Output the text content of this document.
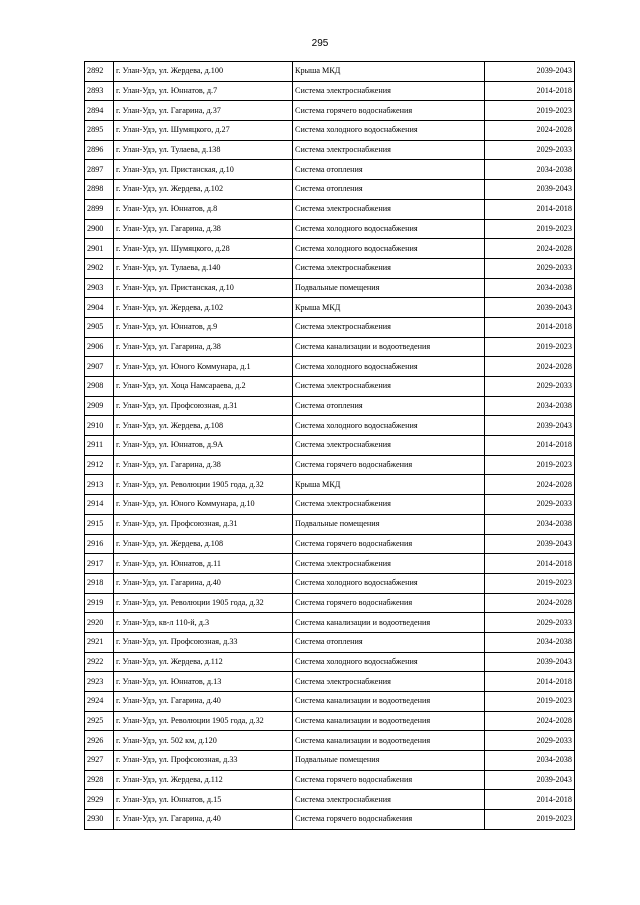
295
2892	г. Улан-Удэ, ул. Жердева, д.100	Крыша МКД	2039-2043
2893	г. Улан-Удэ, ул. Юннатов, д.7	Система электроснабжения	2014-2018
2894	г. Улан-Удэ, ул. Гагарина, д.37	Система горячего водоснабжения	2019-2023
2895	г. Улан-Удэ, ул. Шумяцкого, д.27	Система холодного водоснабжения	2024-2028
2896	г. Улан-Удэ, ул. Тулаева, д.138	Система электроснабжения	2029-2033
2897	г. Улан-Удэ, ул. Пристанская, д.10	Система отопления	2034-2038
2898	г. Улан-Удэ, ул. Жердева, д.102	Система отопления	2039-2043
2899	г. Улан-Удэ, ул. Юннатов, д.8	Система электроснабжения	2014-2018
2900	г. Улан-Удэ, ул. Гагарина, д.38	Система холодного водоснабжения	2019-2023
2901	г. Улан-Удэ, ул. Шумяцкого, д.28	Система холодного водоснабжения	2024-2028
2902	г. Улан-Удэ, ул. Тулаева, д.140	Система электроснабжения	2029-2033
2903	г. Улан-Удэ, ул. Пристанская, д.10	Подвальные помещения	2034-2038
2904	г. Улан-Удэ, ул. Жердева, д.102	Крыша МКД	2039-2043
2905	г. Улан-Удэ, ул. Юннатов, д.9	Система электроснабжения	2014-2018
2906	г. Улан-Удэ, ул. Гагарина, д.38	Система канализации и водоотведения	2019-2023
2907	г. Улан-Удэ, ул. Юного Коммунара, д.1	Система холодного водоснабжения	2024-2028
2908	г. Улан-Удэ, ул. Хоца Намсараева, д.2	Система электроснабжения	2029-2033
2909	г. Улан-Удэ, ул. Профсоюзная, д.31	Система отопления	2034-2038
2910	г. Улан-Удэ, ул. Жердева, д.108	Система холодного водоснабжения	2039-2043
2911	г. Улан-Удэ, ул. Юннатов, д.9А	Система электроснабжения	2014-2018
2912	г. Улан-Удэ, ул. Гагарина, д.38	Система горячего водоснабжения	2019-2023
2913	г. Улан-Удэ, ул. Революции 1905 года, д.32	Крыша МКД	2024-2028
2914	г. Улан-Удэ, ул. Юного Коммунара, д.10	Система электроснабжения	2029-2033
2915	г. Улан-Удэ, ул. Профсоюзная, д.31	Подвальные помещения	2034-2038
2916	г. Улан-Удэ, ул. Жердева, д.108	Система горячего водоснабжения	2039-2043
2917	г. Улан-Удэ, ул. Юннатов, д.11	Система электроснабжения	2014-2018
2918	г. Улан-Удэ, ул. Гагарина, д.40	Система холодного водоснабжения	2019-2023
2919	г. Улан-Удэ, ул. Революции 1905 года, д.32	Система горячего водоснабжения	2024-2028
2920	г. Улан-Удэ, кв-л 110-й, д.3	Система канализации и водоотведения	2029-2033
2921	г. Улан-Удэ, ул. Профсоюзная, д.33	Система отопления	2034-2038
2922	г. Улан-Удэ, ул. Жердева, д.112	Система холодного водоснабжения	2039-2043
2923	г. Улан-Удэ, ул. Юннатов, д.13	Система электроснабжения	2014-2018
2924	г. Улан-Удэ, ул. Гагарина, д.40	Система канализации и водоотведения	2019-2023
2925	г. Улан-Удэ, ул. Революции 1905 года, д.32	Система канализации и водоотведения	2024-2028
2926	г. Улан-Удэ, ул. 502 км, д.120	Система канализации и водоотведения	2029-2033
2927	г. Улан-Удэ, ул. Профсоюзная, д.33	Подвальные помещения	2034-2038
2928	г. Улан-Удэ, ул. Жердева, д.112	Система горячего водоснабжения	2039-2043
2929	г. Улан-Удэ, ул. Юннатов, д.15	Система электроснабжения	2014-2018
2930	г. Улан-Удэ, ул. Гагарина, д.40	Система горячего водоснабжения	2019-2023
